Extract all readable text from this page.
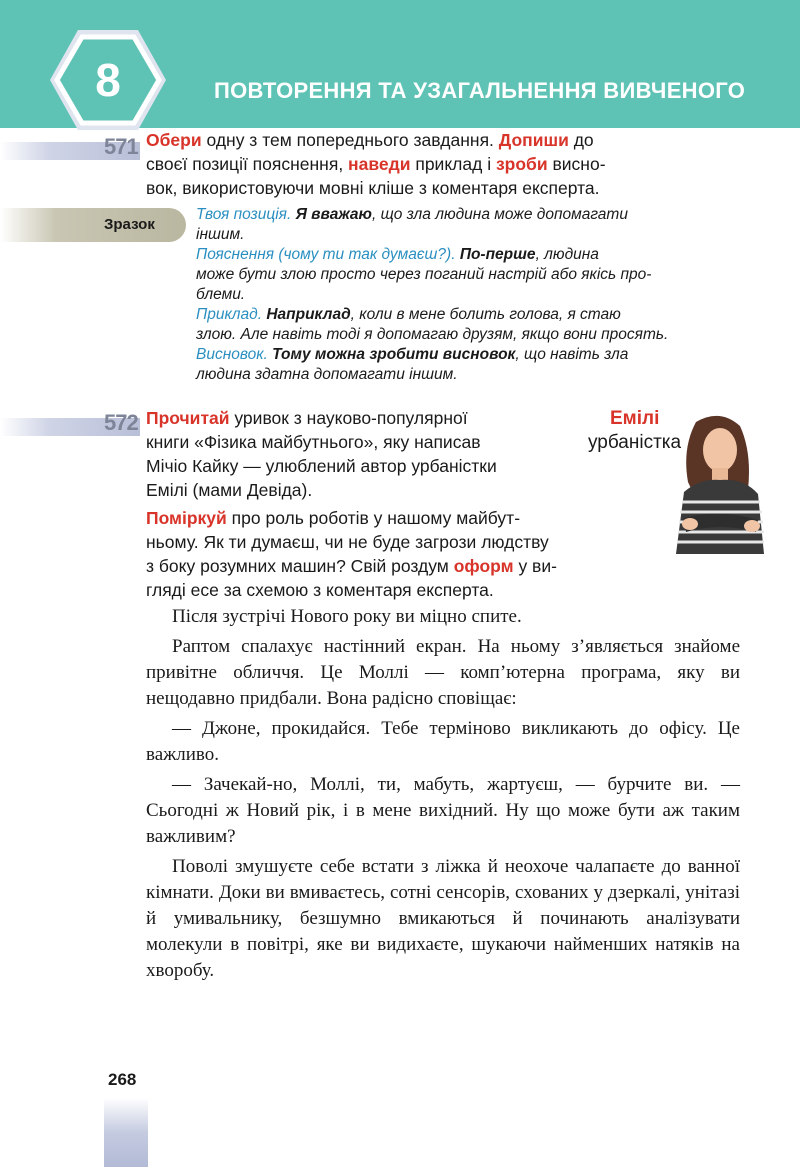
8	ПОВТОРЕННЯ ТА УЗАГАЛЬНЕННЯ ВИВЧЕНОГО
571 Обери одну з тем попереднього завдання. Допиши до
своєї позиції пояснення, наведи приклад і зроби висно-
вок, використовуючи мовні кліше з коментаря експерта.
Зразок
Твоя позиція. Я вважаю, що зла людина може допомагати
іншим.
Пояснення (чому ти так думаєш?). По-перше, людина
може бути злою просто через поганий настрій або якісь про-
блеми.
Приклад. Наприклад, коли в мене болить голова, я стаю
злою. Але навіть тоді я допомагаю друзям, якщо вони просять.
Висновок. Тому можна зробити висновок, що навіть зла
людина здатна допомагати іншим.
572 Прочитай уривок з науково-популярної
книги «Фізика майбутнього», яку написав
Мічіо Кайку — улюблений автор урбаністки
Емілі (мами Девіда).
Поміркуй про роль роботів у нашому майбут-
ньому. Як ти думаєш, чи не буде загрози людству
з боку розумних машин? Свій роздум оформ у ви-
гляді есе за схемою з коментаря експерта.
Емілі
урбаністка

Після зустрічі Нового року ви міцно спите.

Раптом спалахує настінний екран. На ньому з’являється знайоме привітне обличчя. Це Моллі — комп’ютерна програма, яку ви нещодавно придбали. Вона радісно сповіщає:

— Джоне, прокидайся. Тебе терміново викликають до офісу. Це важливо.

— Зачекай-но, Моллі, ти, мабуть, жартуєш, — бурчите ви. — Сьогодні ж Новий рік, і в мене вихідний. Ну що може бути аж таким важливим?

Поволі змушуєте себе встати з ліжка й неохоче чалапаєте до ванної кімнати. Доки ви вмиваєтесь, сотні сенсорів, схованих у дзеркалі, унітазі й умивальнику, безшумно вмикаються й починають аналізувати молекули в повітрі, яке ви видихаєте, шукаючи найменших натяків на хворобу.

268
